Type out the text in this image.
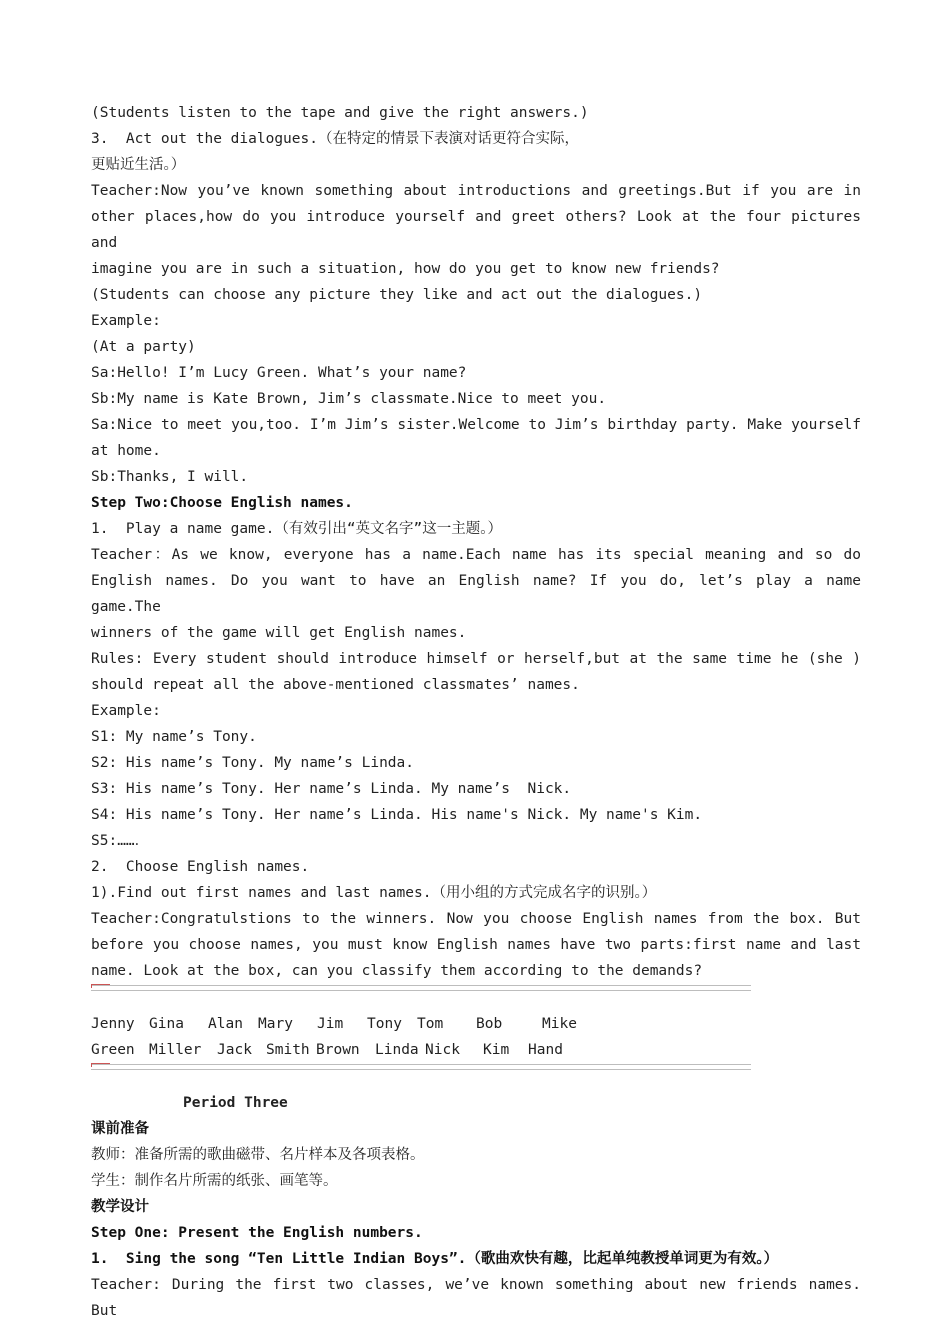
(Students listen to the tape and give the right answers.)
3.  Act out the dialogues.（在特定的情景下表演对话更符合实际，
更贴近生活。）
Teacher:Now you’ve known something about introductions and greetings.But if you are in
other places,how do you introduce yourself and greet others? Look at the four pictures and
imagine you are in such a situation, how do you get to know new friends?
(Students can choose any picture they like and act out the dialogues.)
Example:
(At a party)
Sa:Hello! I’m Lucy Green. What’s your name?
Sb:My name is Kate Brown, Jim’s classmate.Nice to meet you.
Sa:Nice to meet you,too. I’m Jim’s sister.Welcome to Jim’s birthday party. Make yourself
at home.
Sb:Thanks, I will.
Step Two:Choose English names.
1.  Play a name game.（有效引出“英文名字”这一主题。）
Teacher：As we know, everyone has a name.Each name has its special meaning and so do
English names. Do you want to have an English name? If you do, let’s play a name game.The
winners of the game will get English names.
Rules: Every student should introduce himself or herself,but at the same time he (she )
should repeat all the above-mentioned classmates’ names.
Example:
S1: My name’s Tony.
S2: His name’s Tony. My name’s Linda.
S3: His name’s Tony. Her name’s Linda. My name’s  Nick.
S4: His name’s Tony. Her name’s Linda. His name's Nick. My name's Kim.
S5:……．
2.  Choose English names.
1).Find out first names and last names.（用小组的方式完成名字的识别。）
Teacher:Congratulstions to the winners. Now you choose English names from the box. But
before you choose names, you must know English names have two parts:first name and last
name. Look at the box, can you classify them according to the demands?
Jenny Gina	Alan	Mary	Jim	Tony	Tom	Bob	Mike
Green Miller	Jack Smith Brown	Linda Nick	Kim	Hand
Period Three
课前准备
教师：准备所需的歌曲磁带、名片样本及各项表格。
学生：制作名片所需的纸张、画笔等。
教学设计
Step One: Present the English numbers.
1.  Sing the song “Ten Little Indian Boys”.（歌曲欢快有趣，比起单纯教授单词更为有效。）
Teacher: During the first two classes, we’ve known something about new friends names. But
